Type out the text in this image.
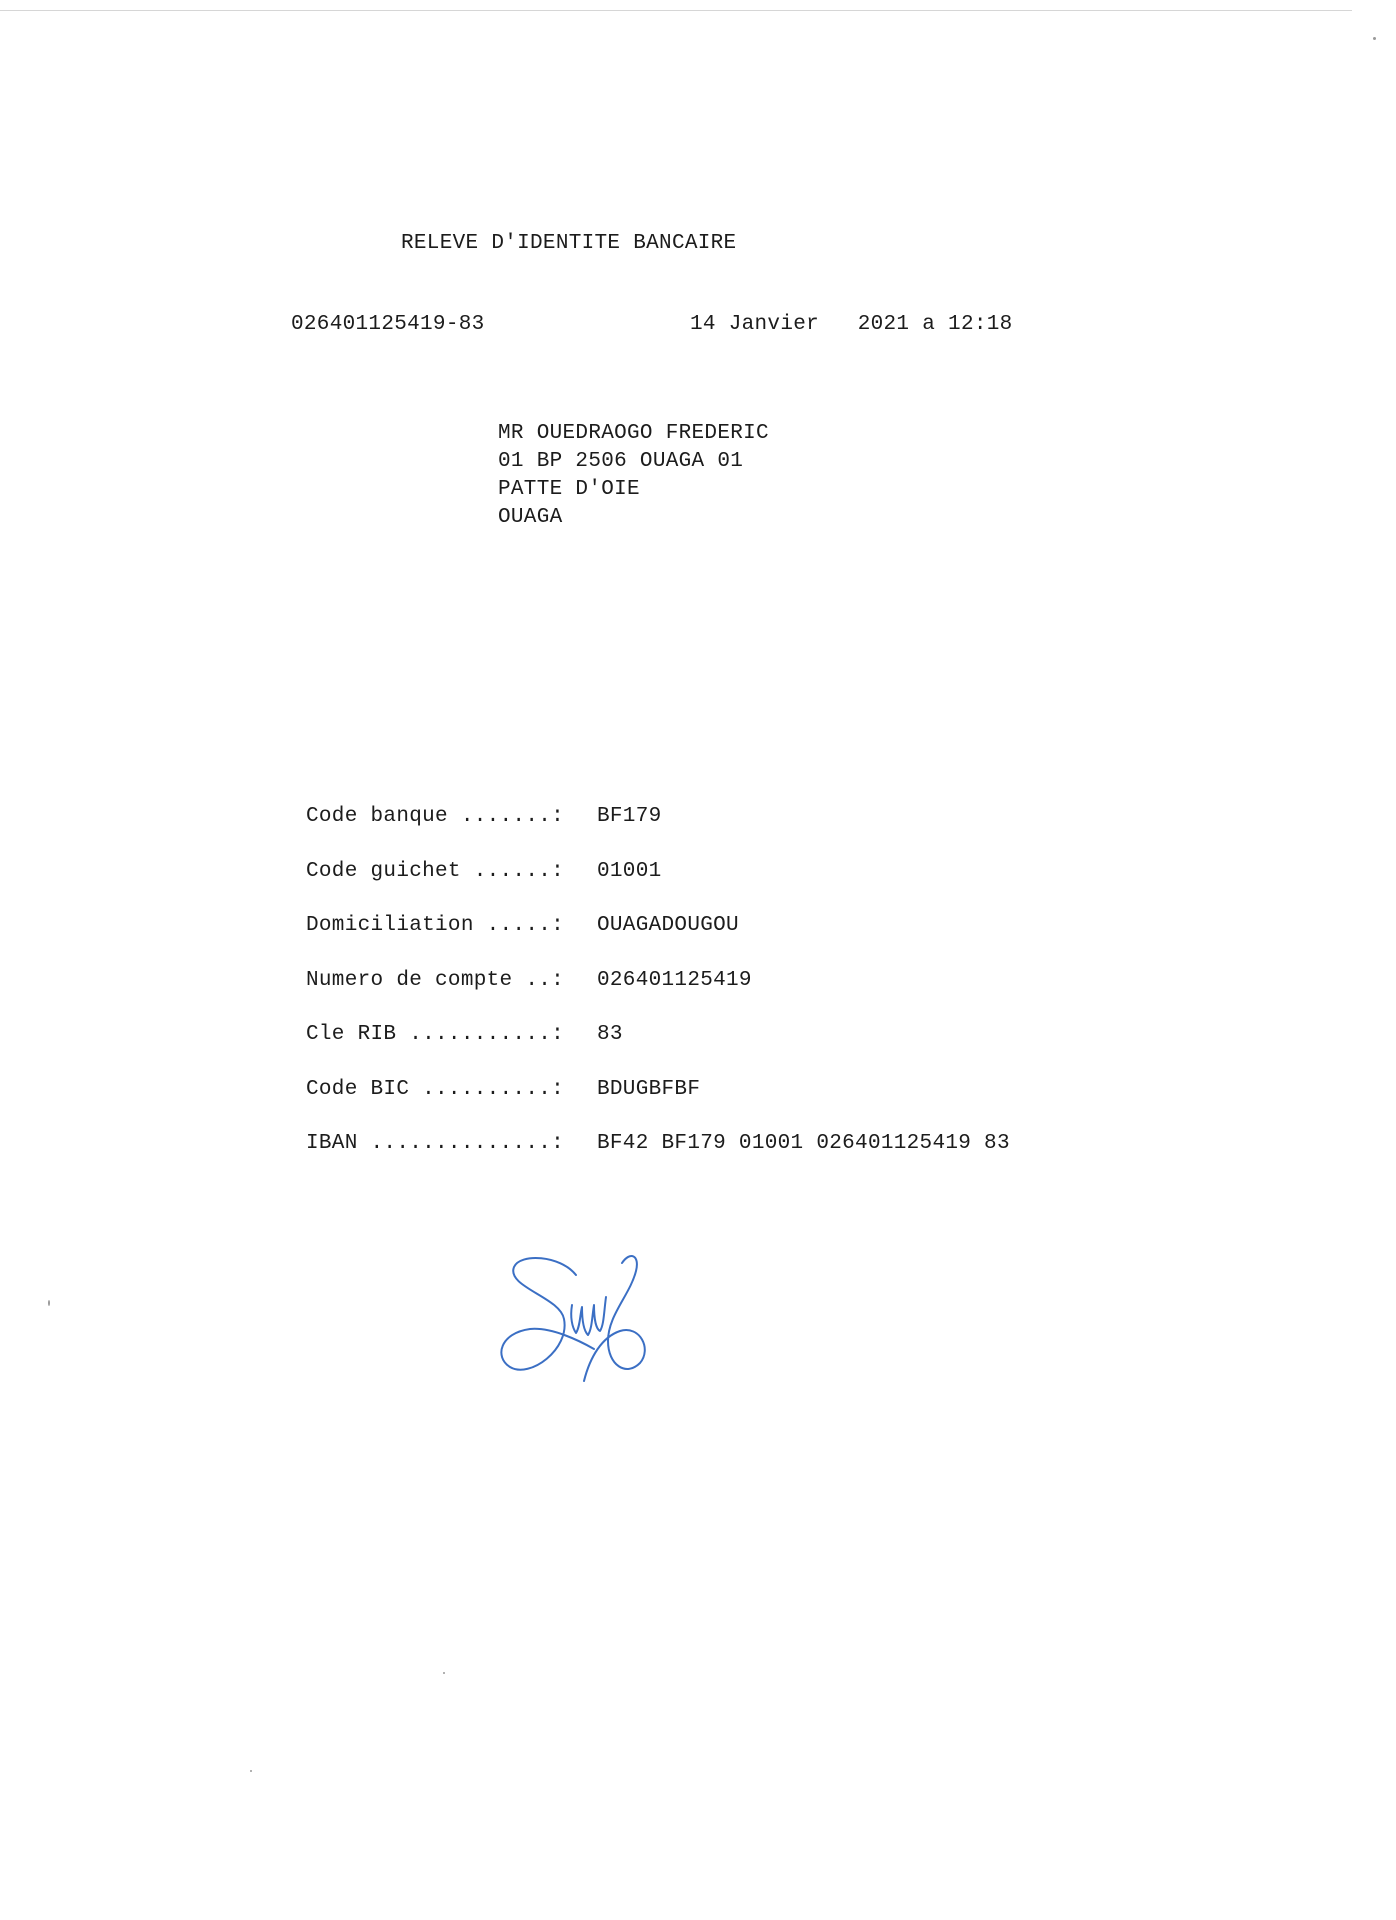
RELEVE D'IDENTITE BANCAIRE
026401125419-83	14 Janvier   2021 a 12:18
MR OUEDRAOGO FREDERIC
01 BP 2506 OUAGA 01
PATTE D'OIE
OUAGA
Code banque .......: BF179
Code guichet ......: 01001
Domiciliation .....: OUAGADOUGOU
Numero de compte ..: 026401125419
Cle RIB ...........: 83
Code BIC ..........: BDUGBFBF
IBAN ..............: BF42 BF179 01001 026401125419 83
